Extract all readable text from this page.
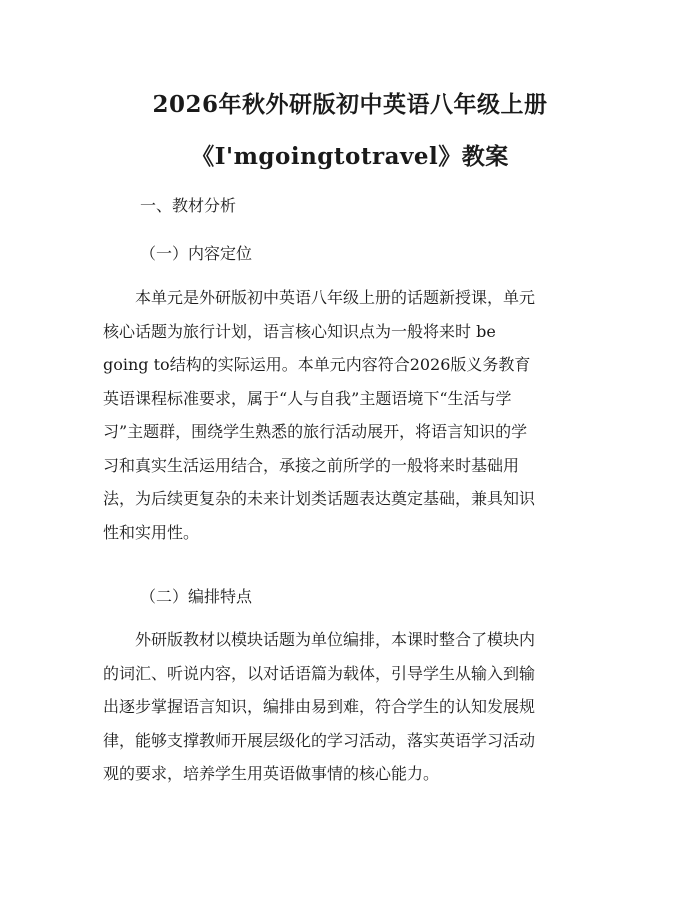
2026年秋外研版初中英语八年级上册
《I'mgoingtotravel》教案
一、教材分析
（一）内容定位
　　本单元是外研版初中英语八年级上册的话题新授课，单元
核心话题为旅行计划，语言核心知识点为一般将来时 be
going to结构的实际运用。本单元内容符合2026版义务教育
英语课程标准要求，属于“人与自我”主题语境下“生活与学
习”主题群，围绕学生熟悉的旅行活动展开，将语言知识的学
习和真实生活运用结合，承接之前所学的一般将来时基础用
法，为后续更复杂的未来计划类话题表达奠定基础，兼具知识
性和实用性。
（二）编排特点
　　外研版教材以模块话题为单位编排，本课时整合了模块内
的词汇、听说内容，以对话语篇为载体，引导学生从输入到输
出逐步掌握语言知识，编排由易到难，符合学生的认知发展规
律，能够支撑教师开展层级化的学习活动，落实英语学习活动
观的要求，培养学生用英语做事情的核心能力。
